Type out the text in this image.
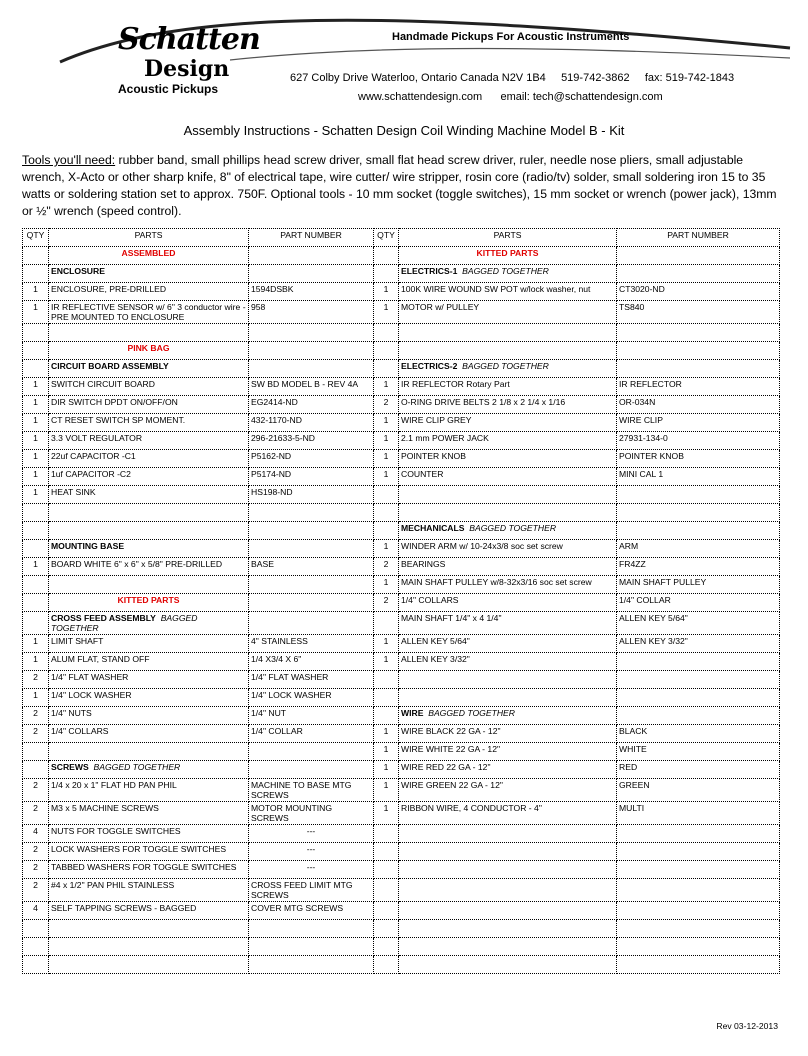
Schatten
Design
Acoustic Pickups
Handmade Pickups For Acoustic Instruments
627 Colby Drive Waterloo, Ontario Canada N2V 1B4 519-742-3862 fax: 519-742-1843
www.schattendesign.com email: tech@schattendesign.com
Assembly Instructions - Schatten Design Coil Winding Machine Model B - Kit
Tools you'll need: rubber band, small phillips head screw driver, small flat head screw driver, ruler, needle nose pliers, small adjustable wrench, X-Acto or other sharp knife, 8" of electrical tape, wire cutter/ wire stripper, rosin core (radio/tv) solder, small soldering iron 15 to 35 watts or soldering station set to approx. 750F. Optional tools - 10 mm socket (toggle switches), 15 mm socket or wrench (power jack), 13mm or ½" wrench (speed control).
QTY	PARTS	PART NUMBER	QTY	PARTS	PART NUMBER
	ASSEMBLED			KITTED PARTS	
	ENCLOSURE			ELECTRICS-1 BAGGED TOGETHER	
1	ENCLOSURE, PRE-DRILLED	1594DSBK	1	100K WIRE WOUND SW POT w/lock washer, nut	CT3020-ND
1	IR REFLECTIVE SENSOR w/ 6" 3 conductor wire -PRE MOUNTED TO ENCLOSURE	958	1	MOTOR w/ PULLEY	TS840

	PINK BAG				
	CIRCUIT BOARD ASSEMBLY			ELECTRICS-2 BAGGED TOGETHER	
1	SWITCH CIRCUIT BOARD	SW BD MODEL B - REV 4A	1	IR REFLECTOR Rotary Part	IR REFLECTOR
1	DIR SWITCH DPDT ON/OFF/ON	EG2414-ND	2	O-RING DRIVE BELTS 2 1/8 x 2 1/4 x 1/16	OR-034N
1	CT RESET SWITCH SP MOMENT.	432-1170-ND	1	WIRE CLIP GREY	WIRE CLIP
1	3.3 VOLT REGULATOR	296-21633-5-ND	1	2.1 mm POWER JACK	27931-134-0
1	22uf CAPACITOR -C1	P5162-ND	1	POINTER KNOB	POINTER KNOB
1	1uf CAPACITOR -C2	P5174-ND	1	COUNTER	MINI CAL 1
1	HEAT SINK	HS198-ND			

				MECHANICALS BAGGED TOGETHER	
	MOUNTING BASE		1	WINDER ARM w/ 10-24x3/8 soc set screw	ARM
1	BOARD WHITE 6" x 6" x 5/8" PRE-DRILLED	BASE	2	BEARINGS	FR4ZZ
			1	MAIN SHAFT PULLEY w/8-32x3/16 soc set screw	MAIN SHAFT PULLEY
	KITTED PARTS		2	1/4" COLLARS	1/4" COLLAR
	CROSS FEED ASSEMBLY BAGGED TOGETHER			MAIN SHAFT 1/4" x 4 1/4"	ALLEN KEY 5/64"
1	LIMIT SHAFT	4" STAINLESS	1	ALLEN KEY 5/64"	ALLEN KEY 3/32"
1	ALUM FLAT, STAND OFF	1/4 X3/4 X 6"	1	ALLEN KEY 3/32"	
2	1/4" FLAT WASHER	1/4" FLAT WASHER			
1	1/4" LOCK WASHER	1/4" LOCK WASHER			
2	1/4" NUTS	1/4" NUT		WIRE BAGGED TOGETHER	
2	1/4" COLLARS	1/4" COLLAR	1	WIRE BLACK 22 GA - 12"	BLACK
			1	WIRE WHITE 22 GA - 12"	WHITE
	SCREWS BAGGED TOGETHER		1	WIRE RED 22 GA - 12"	RED
2	1/4 x 20 x 1" FLAT HD PAN PHIL	MACHINE TO BASE MTG SCREWS	1	WIRE GREEN 22 GA - 12"	GREEN
2	M3 x 5 MACHINE SCREWS	MOTOR MOUNTING SCREWS	1	RIBBON WIRE, 4 CONDUCTOR - 4"	MULTI
4	NUTS FOR TOGGLE SWITCHES	---			
2	LOCK WASHERS FOR TOGGLE SWITCHES	---			
2	TABBED WASHERS FOR TOGGLE SWITCHES	---			
2	#4 x 1/2" PAN PHIL STAINLESS	CROSS FEED LIMIT MTG SCREWS			
4	SELF TAPPING SCREWS - BAGGED	COVER MTG SCREWS			

Rev 03-12-2013
